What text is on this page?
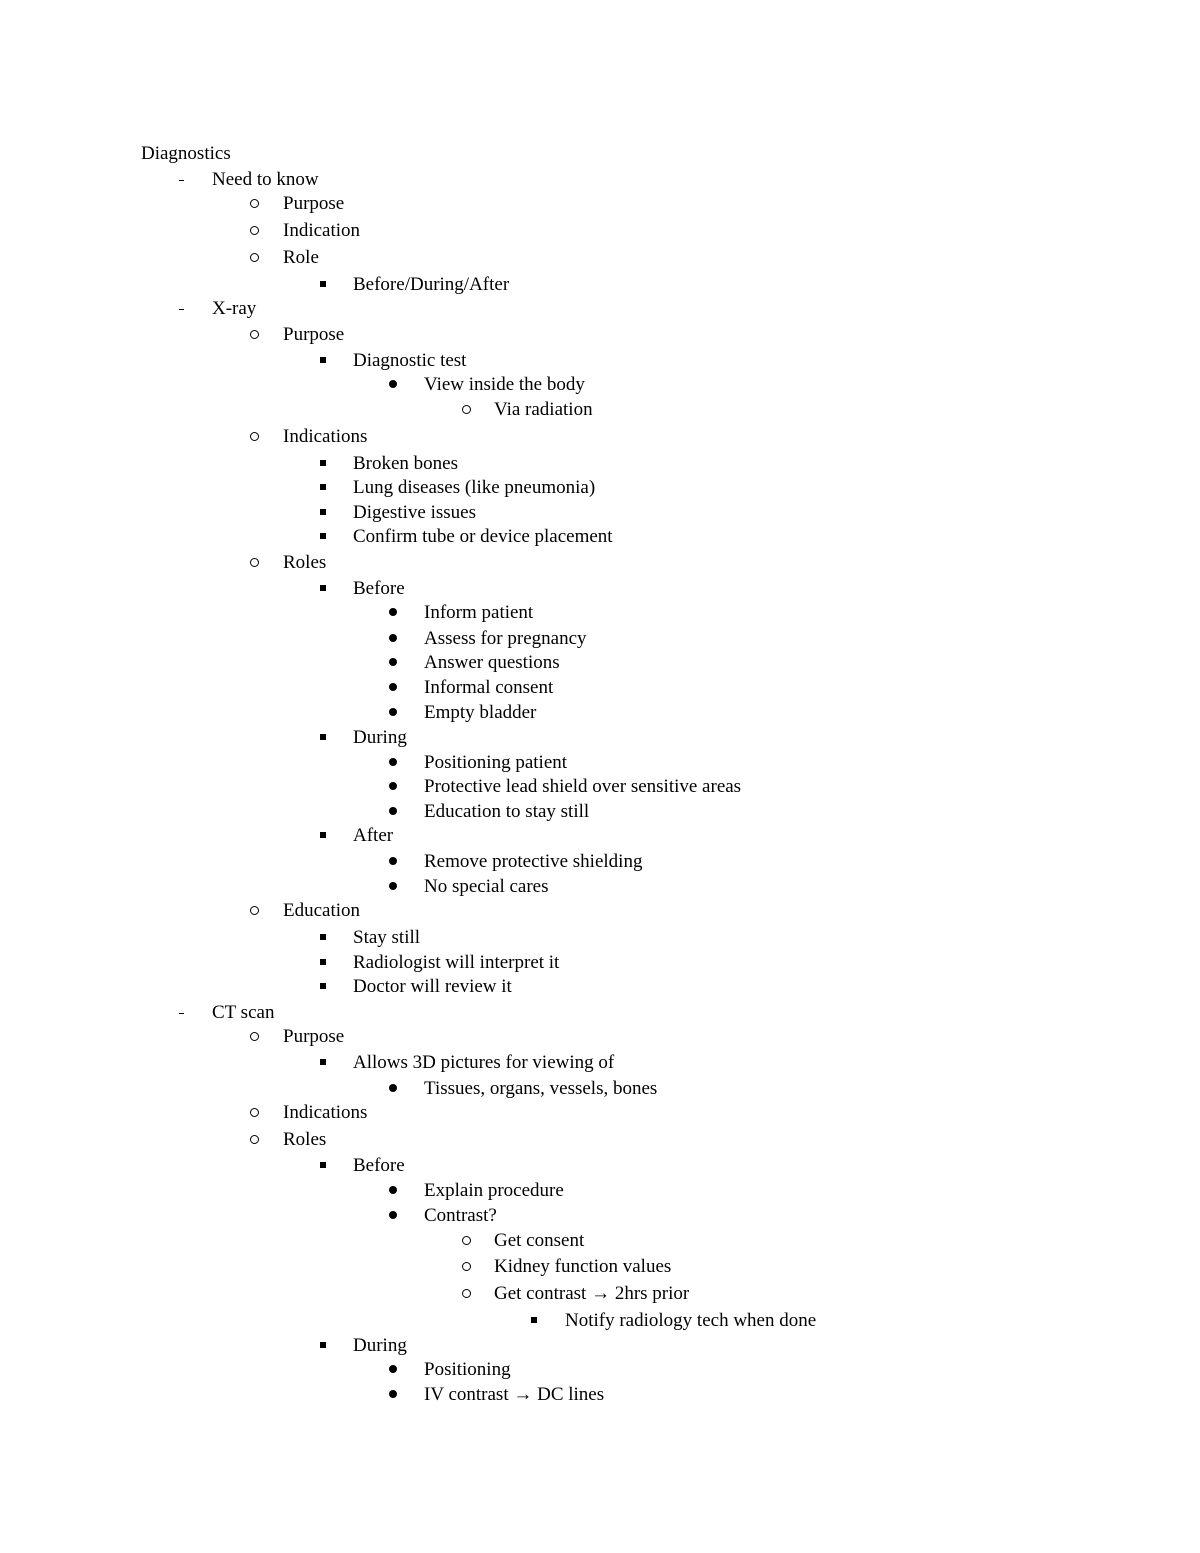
Diagnostics
Need to know
Purpose
Indication
Role
Before/During/After
X-ray
Purpose
Diagnostic test
View inside the body
Via radiation
Indications
Broken bones
Lung diseases (like pneumonia)
Digestive issues
Confirm tube or device placement
Roles
Before
Inform patient
Assess for pregnancy
Answer questions
Informal consent
Empty bladder
During
Positioning patient
Protective lead shield over sensitive areas
Education to stay still
After
Remove protective shielding
No special cares
Education
Stay still
Radiologist will interpret it
Doctor will review it
CT scan
Purpose
Allows 3D pictures for viewing of
Tissues, organs, vessels, bones
Indications
Roles
Before
Explain procedure
Contrast?
Get consent
Kidney function values
Get contrast → 2hrs prior
Notify radiology tech when done
During
Positioning
IV contrast → DC lines
